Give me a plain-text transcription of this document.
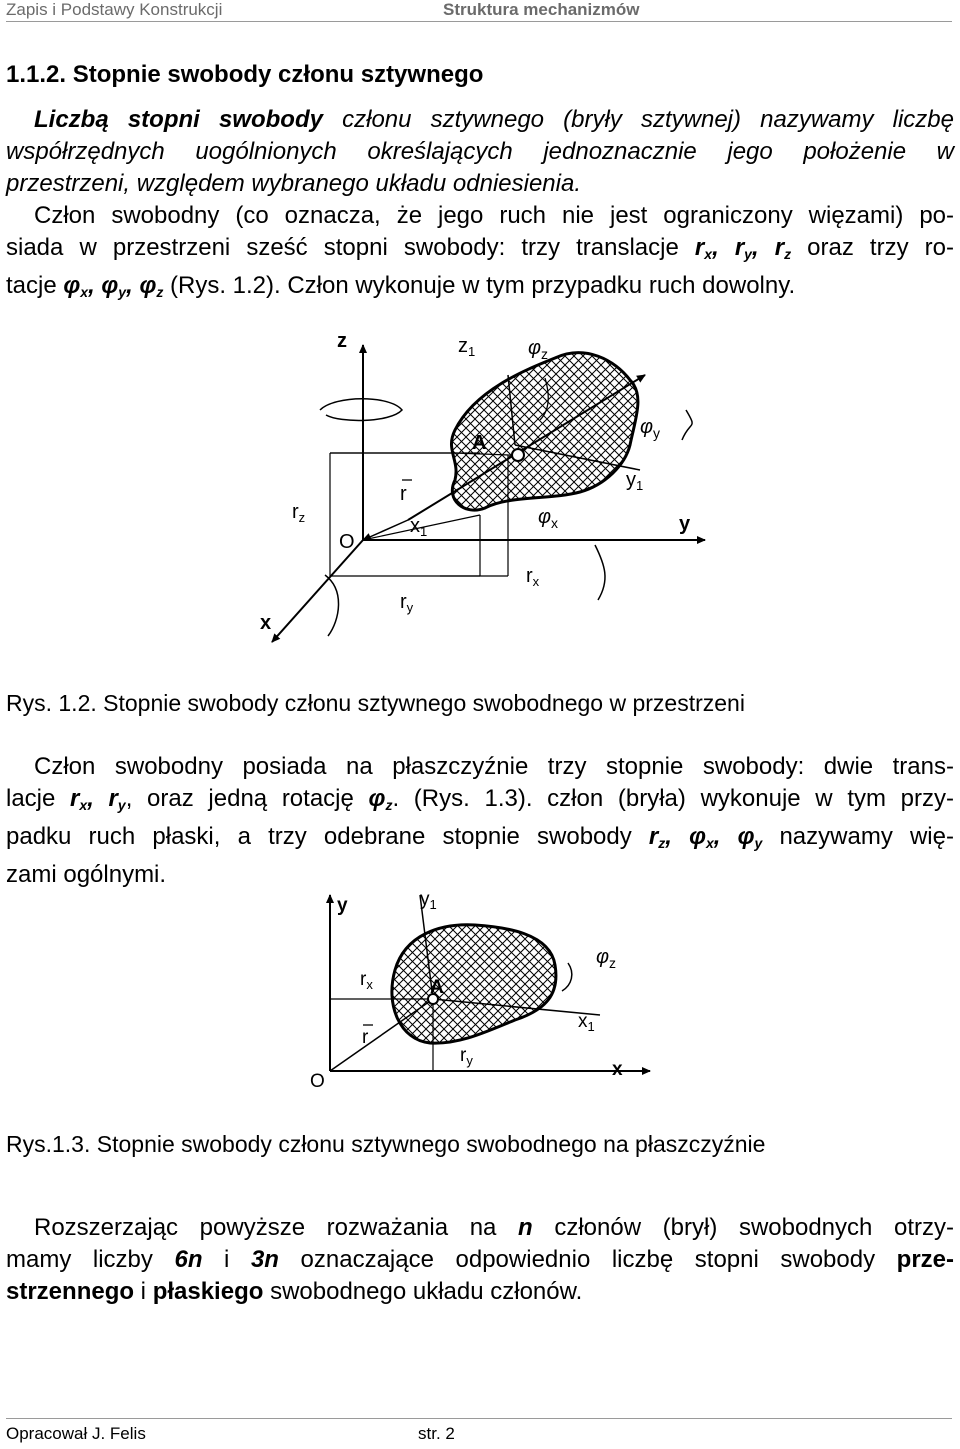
Zapis i Podstawy Konstrukcji	Struktura mechanizmów
1.1.2. Stopnie swobody członu sztywnego
Liczbą stopni swobody członu sztywnego (bryły sztywnej) nazywamy liczbę
współrzędnych uogólnionych określających jednoznacznie jego położenie w
przestrzeni, względem wybranego układu odniesienia.
Człon swobodny (co oznacza, że jego ruch nie jest ograniczony więzami) po-
siada w przestrzeni sześć stopni swobody: trzy translacje $r_x$, $r_y$, $r_z$ oraz trzy ro-
tacje $\varphi_x$, $\varphi_y$, $\varphi_z$ (Rys. 1.2). Człon wykonuje w tym przypadku ruch dowolny.
z	$z_1$	$\varphi_z$
A
$\varphi_y$
r
$y_1$
$r_z$	$x_1$
$\varphi_x$	y
O
$r_x$
$r_y$
x
Rys. 1.2. Stopnie swobody członu sztywnego swobodnego w przestrzeni
Człon swobodny posiada na płaszczyźnie trzy stopnie swobody: dwie trans-
lacje $r_x$, $r_y$, oraz jedną rotację $\varphi_z$. (Rys. 1.3). człon (bryła) wykonuje w tym przy-
padku ruch płaski, a trzy odebrane stopnie swobody $r_z$, $\varphi_x$, $\varphi_y$ nazywamy wię-
zami ogólnymi.
y	$y_1$
$r_x$	A
$\varphi_z$
$x_1$
r
$r_y$
O
x
Rys.1.3. Stopnie swobody członu sztywnego swobodnego na płaszczyźnie
Rozszerzając powyższe rozważania na n członów (brył) swobodnych otrzy-
mamy liczby 6n i 3n oznaczające odpowiednio liczbę stopni swobody prze-
strzennego i płaskiego swobodnego układu członów.
Opracował J. Felis	str. 2
